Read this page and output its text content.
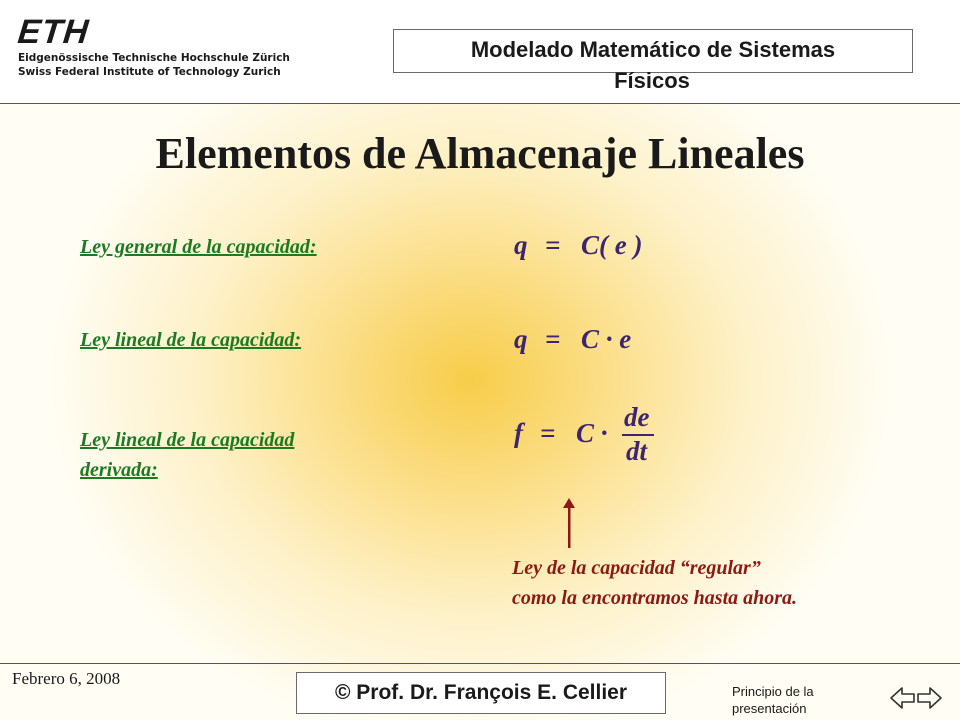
ETH
Eidgenössische Technische Hochschule Zürich
Swiss Federal Institute of Technology Zurich
Modelado Matemático de Sistemas
Físicos
Elementos de Almacenaje Lineales
Ley general de la capacidad:
Ley lineal de la capacidad:
Ley lineal de la capacidad
derivada:
q = C( e )
q = C · e
f = C ·
de
dt
Ley de la capacidad “regular”
como la encontramos hasta ahora.
Febrero 6, 2008
© Prof. Dr. François E. Cellier	Principio de la
presentación
